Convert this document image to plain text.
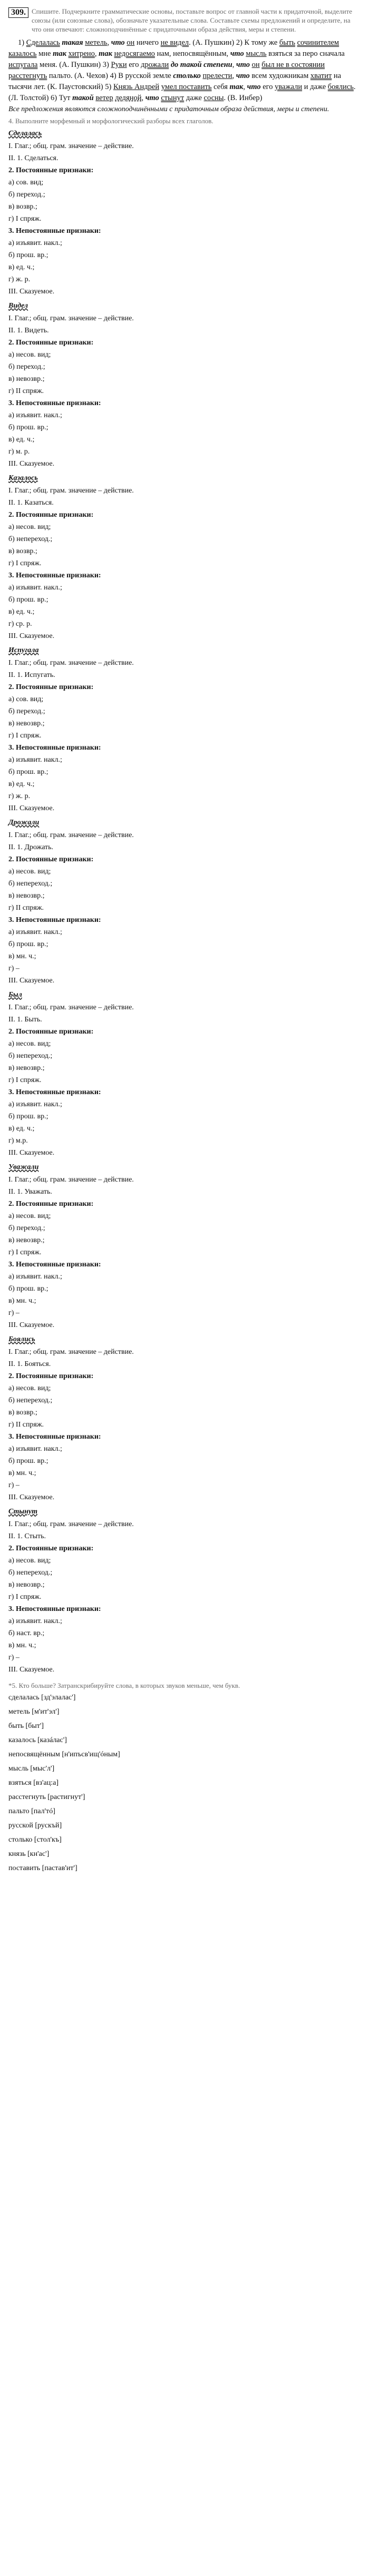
309. Спишите. Подчеркните грамматические основы, поставьте вопрос от главной части к придаточной, выделите союзы (или союзные слова), обозначьте указательные слова. Составьте схемы предложений и определите, на что они отвечают: сложноподчинённые с придаточными образа действия, меры и степени.

1) Сделалась такая метель, что он ничего не видел. (А. Пушкин) 2) К тому же быть сочинителем казалось мне так хитрено, так недосягаемо нам, непосвящённым, что мысль взяться за перо сначала испугала меня. (А. Пушкин) 3) Руки его дрожали до такой степени, что он был не в состоянии расстегнуть пальто. (А. Чехов) 4) В русской земле столько прелести, что всем художникам хватит на тысячи лет. (К. Паустовский) 5) Князь Андрей умел поставить себя так, что его уважали и даже боялись. (Л. Толстой) 6) Тут такой ветер ледяной, что стынут даже сосны. (В. Инбер)

Все предложения являются сложноподчинёнными с придаточным образа действия, меры и степени.

4. Выполните морфемный и морфологический разборы всех глаголов.

Сделалась
I. Глаг.; общ. грам. значение – действие.
II. 1. Сделаться.
2. Постоянные признаки:
а) сов. вид;
б) переход.;
в) возвр.;
г) I спряж.
3. Непостоянные признаки:
а) изъявит. накл.;
б) прош. вр.;
в) ед. ч.;
г) ж. р.
III. Сказуемое.
Видел
I. Глаг.; общ. грам. значение – действие.
II. 1. Видеть.
2. Постоянные признаки:
а) несов. вид;
б) переход.;
в) невозвр.;
г) II спряж.
3. Непостоянные признаки:
а) изъявит. накл.;
б) прош. вр.;
в) ед. ч.;
г) м. р.
III. Сказуемое.
Казалось
I. Глаг.; общ. грам. значение – действие.
II. 1. Казаться.
2. Постоянные признаки:
а) несов. вид;
б) непереход.;
в) возвр.;
г) I спряж.
3. Непостоянные признаки:
а) изъявит. накл.;
б) прош. вр.;
в) ед. ч.;
г) ср. р.
III. Сказуемое.
Испугала
I. Глаг.; общ. грам. значение – действие.
II. 1. Испугать.
2. Постоянные признаки:
а) сов. вид;
б) переход.;
в) невозвр.;
г) I спряж.
3. Непостоянные признаки:
а) изъявит. накл.;
б) прош. вр.;
в) ед. ч.;
г) ж. р.
III. Сказуемое.
Дрожали
I. Глаг.; общ. грам. значение – действие.
II. 1. Дрожать.
2. Постоянные признаки:
а) несов. вид;
б) непереход.;
в) невозвр.;
г) II спряж.
3. Непостоянные признаки:
а) изъявит. накл.;
б) прош. вр.;
в) мн. ч.;
г) –
III. Сказуемое.
Был
I. Глаг.; общ. грам. значение – действие.
II. 1. Быть.
2. Постоянные признаки:
а) несов. вид;
б) непереход.;
в) невозвр.;
г) I спряж.
3. Непостоянные признаки:
а) изъявит. накл.;
б) прош. вр.;
в) ед. ч.;
г) м.р.
III. Сказуемое.
Уважали
I. Глаг.; общ. грам. значение – действие.
II. 1. Уважать.
2. Постоянные признаки:
а) несов. вид;
б) переход.;
в) невозвр.;
г) I спряж.
3. Непостоянные признаки:
а) изъявит. накл.;
б) прош. вр.;
в) мн. ч.;
г) –
III. Сказуемое.
Боялись
I. Глаг.; общ. грам. значение – действие.
II. 1. Бояться.
2. Постоянные признаки:
а) несов. вид;
б) непереход.;
в) возвр.;
г) II спряж.
3. Непостоянные признаки:
а) изъявит. накл.;
б) прош. вр.;
в) мн. ч.;
г) –
III. Сказуемое.
Стынут
I. Глаг.; общ. грам. значение – действие.
II. 1. Стыть.
2. Постоянные признаки:
а) несов. вид;
б) непереход.;
в) невозвр.;
г) I спряж.
3. Непостоянные признаки:
а) изъявит. накл.;
б) наст. вр.;
в) мн. ч.;
г) –
III. Сказуемое.

*5. Кто больше? Затранскрибируйте слова, в которых звуков меньше, чем букв.

сделалась [зд'элалас']
метель [м'ит'эл']
быть [быт']
казалось [казáлас']
непосвящённым [н'ипъсв'ищ'óным]
мысль [мыс'л']
взяться [вз'ац:а]
расстегнуть [растигнут']
пальто [пал'тó]
русской [рускъй]
столько [стол'къ]
князь [кн'ас']
поставить [пастав'ит']
